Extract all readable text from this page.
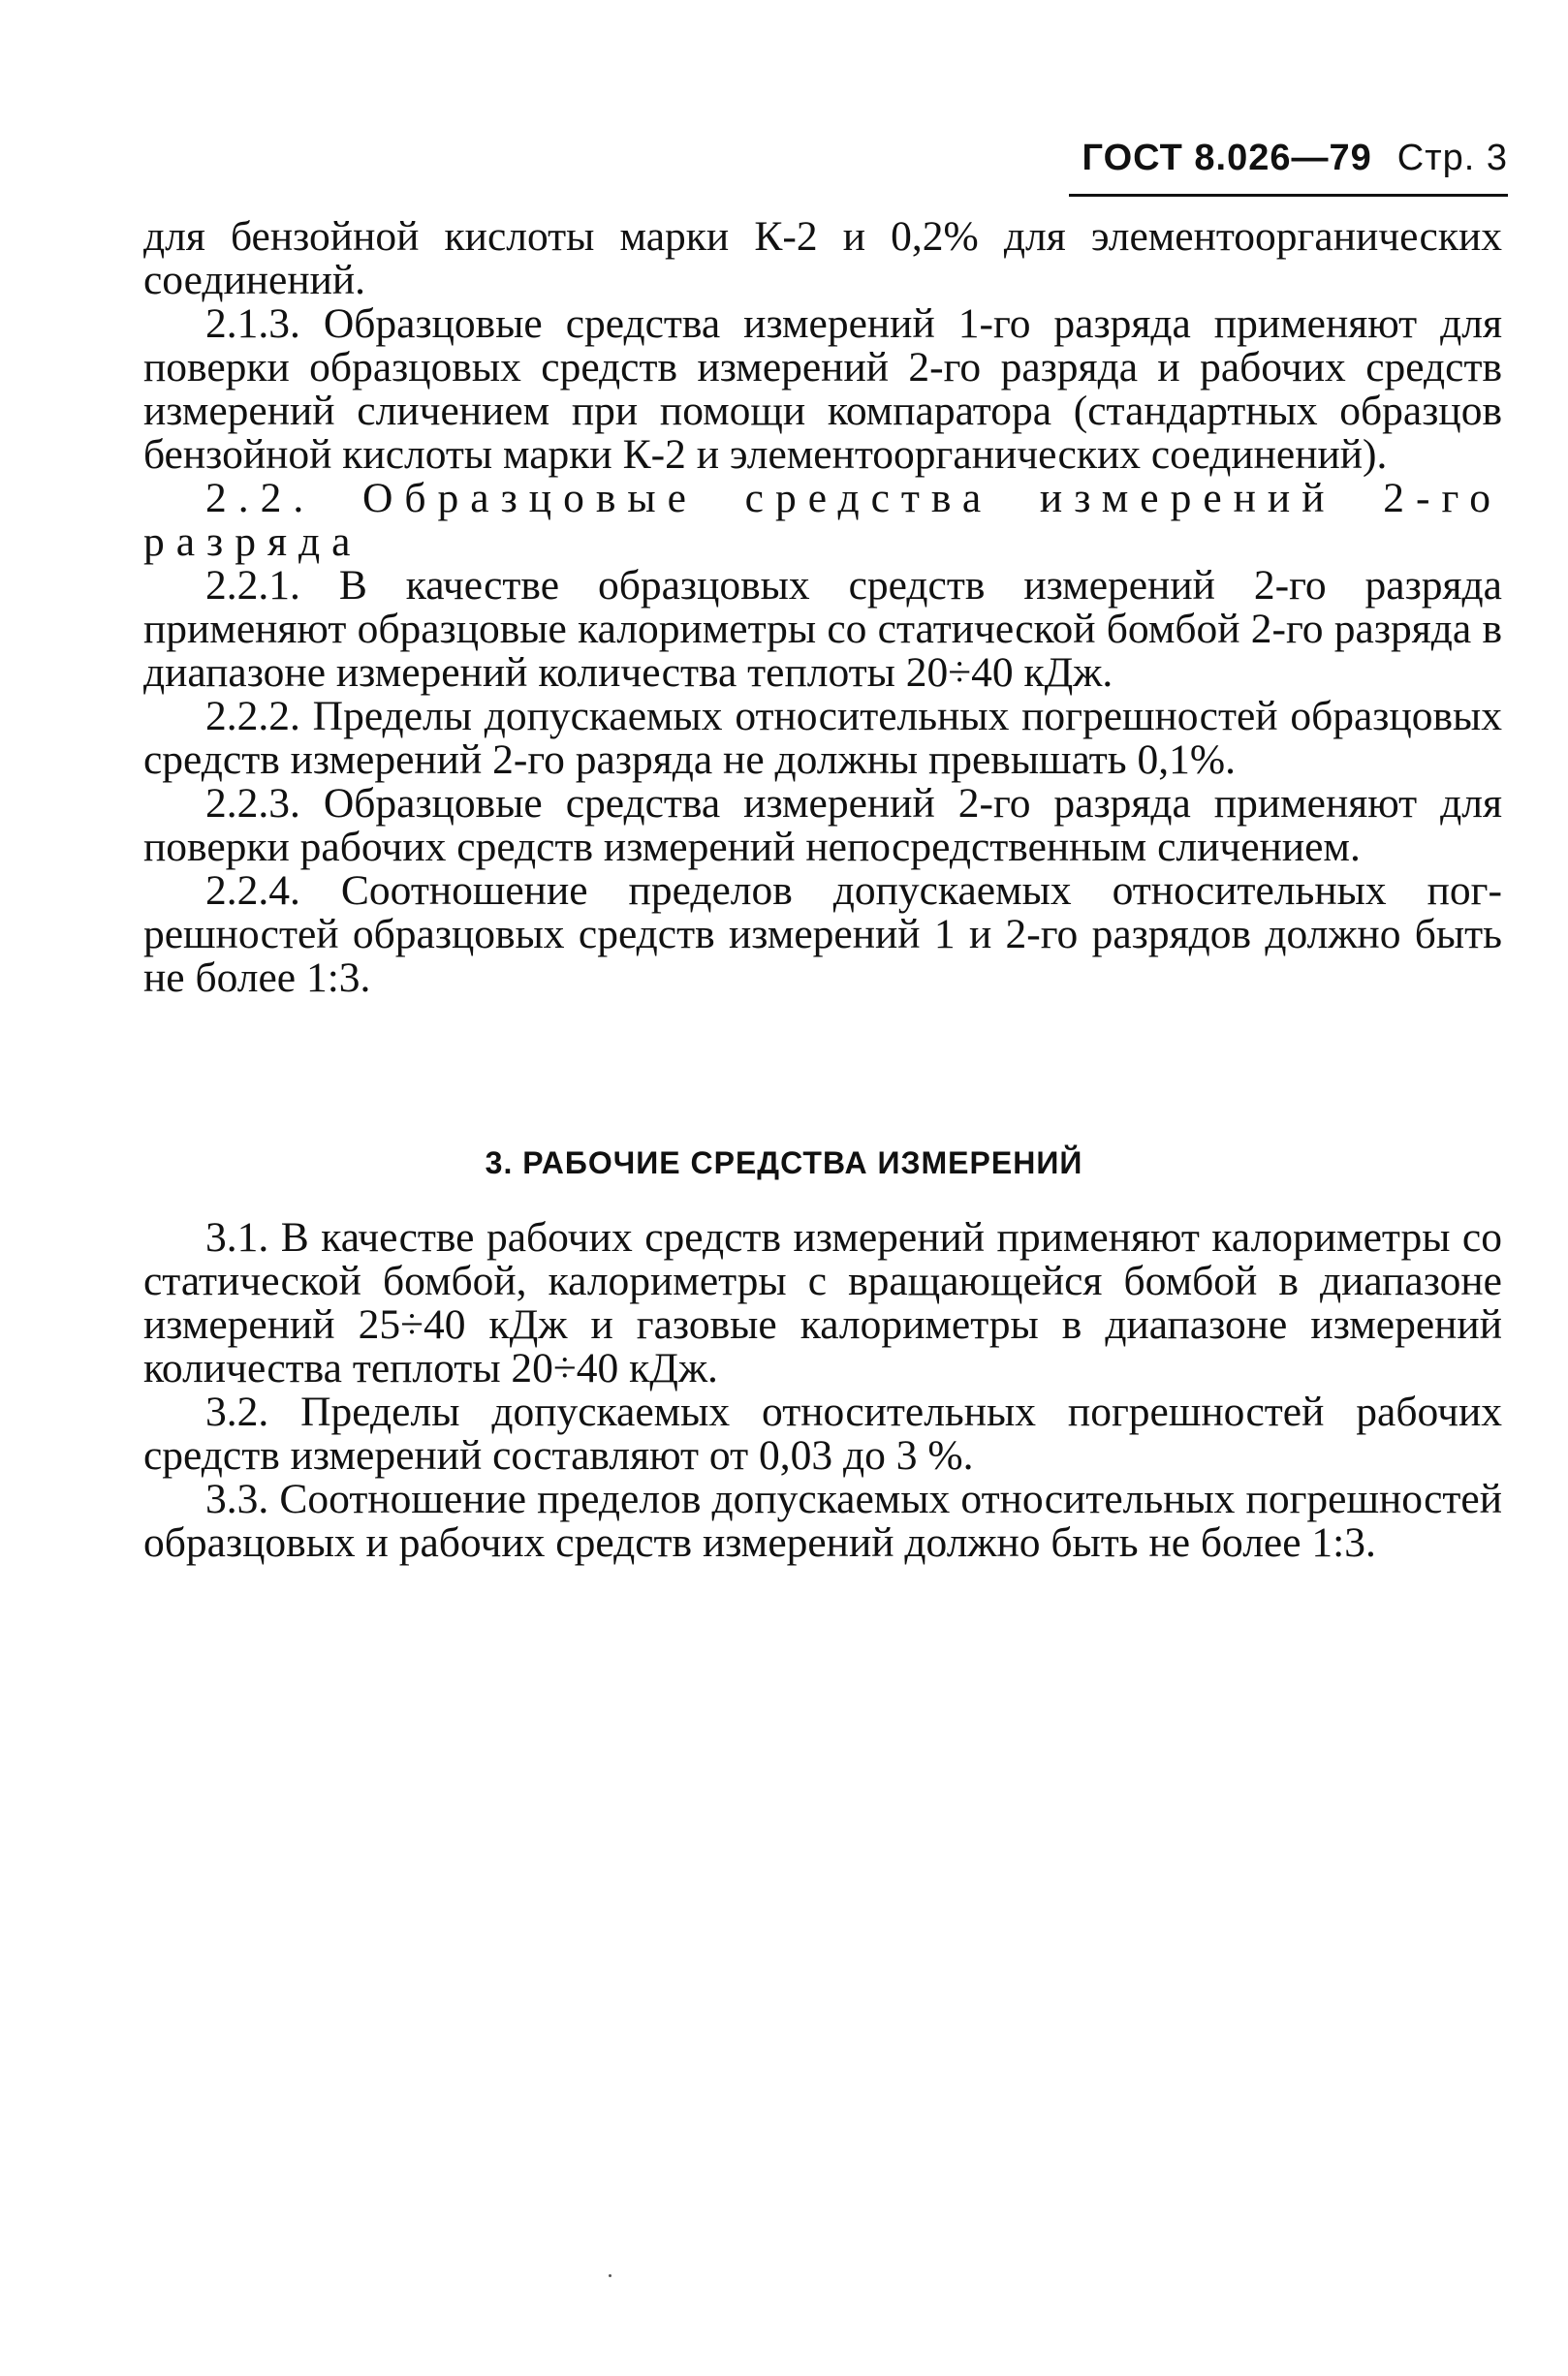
ГОСТ 8.026—79 Стр. 3

для бензойной кислоты марки К-2 и 0,2% для элементоорганических соединений.

2.1.3. Образцовые средства измерений 1-го разряда применяют для поверки образцовых средств измерений 2-го разряда и рабочих средств измерений сличением при помощи компаратора (стандартных образцов бензойной кислоты марки К-2 и элементоорганических соединений).

2.2. Образцовые средства измерений 2-го разряда

2.2.1. В качестве образцовых средств измерений 2-го разряда применяют образцовые калориметры со статической бомбой 2-го разряда в диапазоне измерений количества теплоты 20÷40 кДж.

2.2.2. Пределы допускаемых относительных погрешностей образцовых средств измерений 2-го разряда не должны превышать 0,1%.

2.2.3. Образцовые средства измерений 2-го разряда применяют для поверки рабочих средств измерений непосредственным сличением.

2.2.4. Соотношение пределов допускаемых относительных погрешностей образцовых средств измерений 1 и 2-го разрядов должно быть не более 1:3.

3. РАБОЧИЕ СРЕДСТВА ИЗМЕРЕНИЙ

3.1. В качестве рабочих средств измерений применяют калориметры со статической бомбой, калориметры с вращающейся бомбой в диапазоне измерений 25÷40 кДж и газовые калориметры в диапазоне измерений количества теплоты 20÷40 кДж.

3.2. Пределы допускаемых относительных погрешностей рабочих средств измерений составляют от 0,03 до 3 %.

3.3. Соотношение пределов допускаемых относительных погрешностей образцовых и рабочих средств измерений должно быть не более 1:3.
